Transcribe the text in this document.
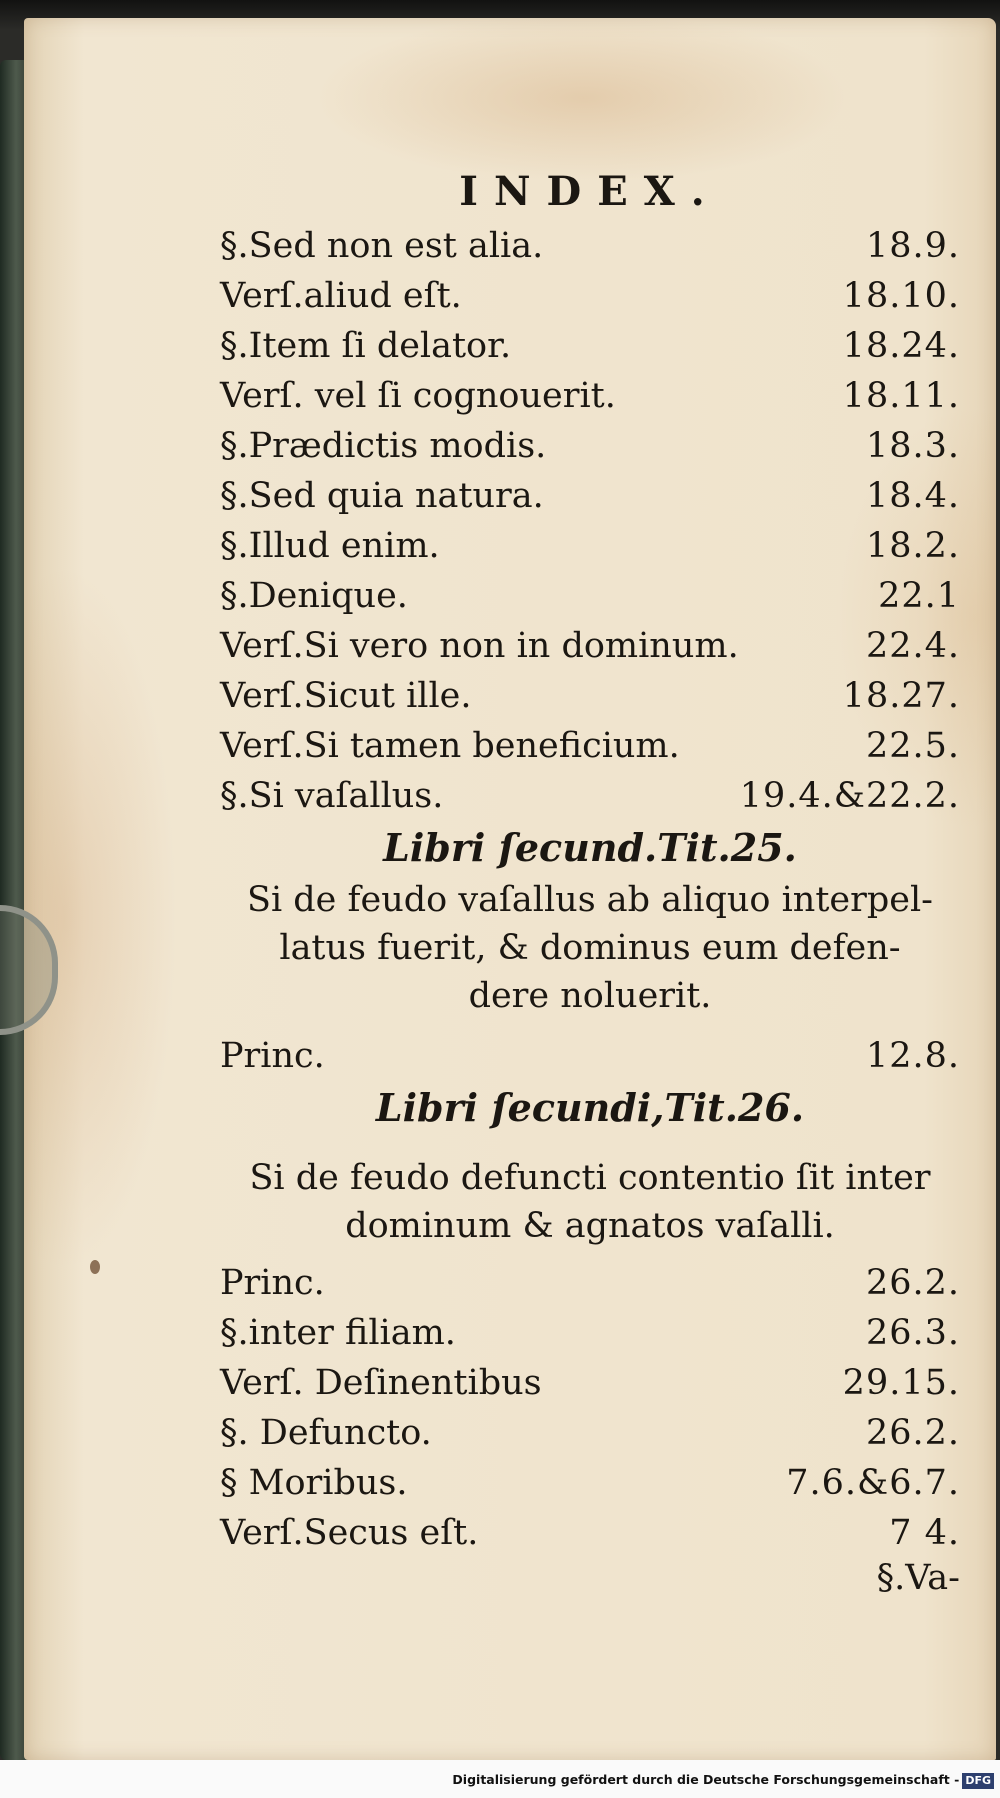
INDEX.
§.Sed non est alia.	18.9.
Verſ.aliud eſt.	18.10.
§.Item ſi delator.	18.24.
Verſ. vel ſi cognouerit.	18.11.
§.Prædictis modis.	18.3.
§.Sed quia natura.	18.4.
§.Illud enim.	18.2.
§.Denique.	22.1
Verſ.Si vero non in dominum.	22.4.
Verſ.Sicut ille.	18.27.
Verſ.Si tamen beneficium.	22.5.
§.Si vaſallus.	19.4.&22.2.
Libri ſecund.Tit.25.
Si de feudo vaſallus ab aliquo interpel-
latus fuerit, & dominus eum defen-
dere noluerit.
Princ.	12.8.
Libri ſecundi,Tit.26.
Si de feudo defuncti contentio ſit inter
dominum & agnatos vaſalli.
Princ.	26.2.
§.inter filiam.	26.3.
Verſ. Deſinentibus	29.15.
§. Defuncto.	26.2.
§ Moribus.	7.6.&6.7.
Verſ.Secus eſt.	7 4.
§.Va-
Digitalisierung gefördert durch die Deutsche Forschungsgemeinschaft - DFG
